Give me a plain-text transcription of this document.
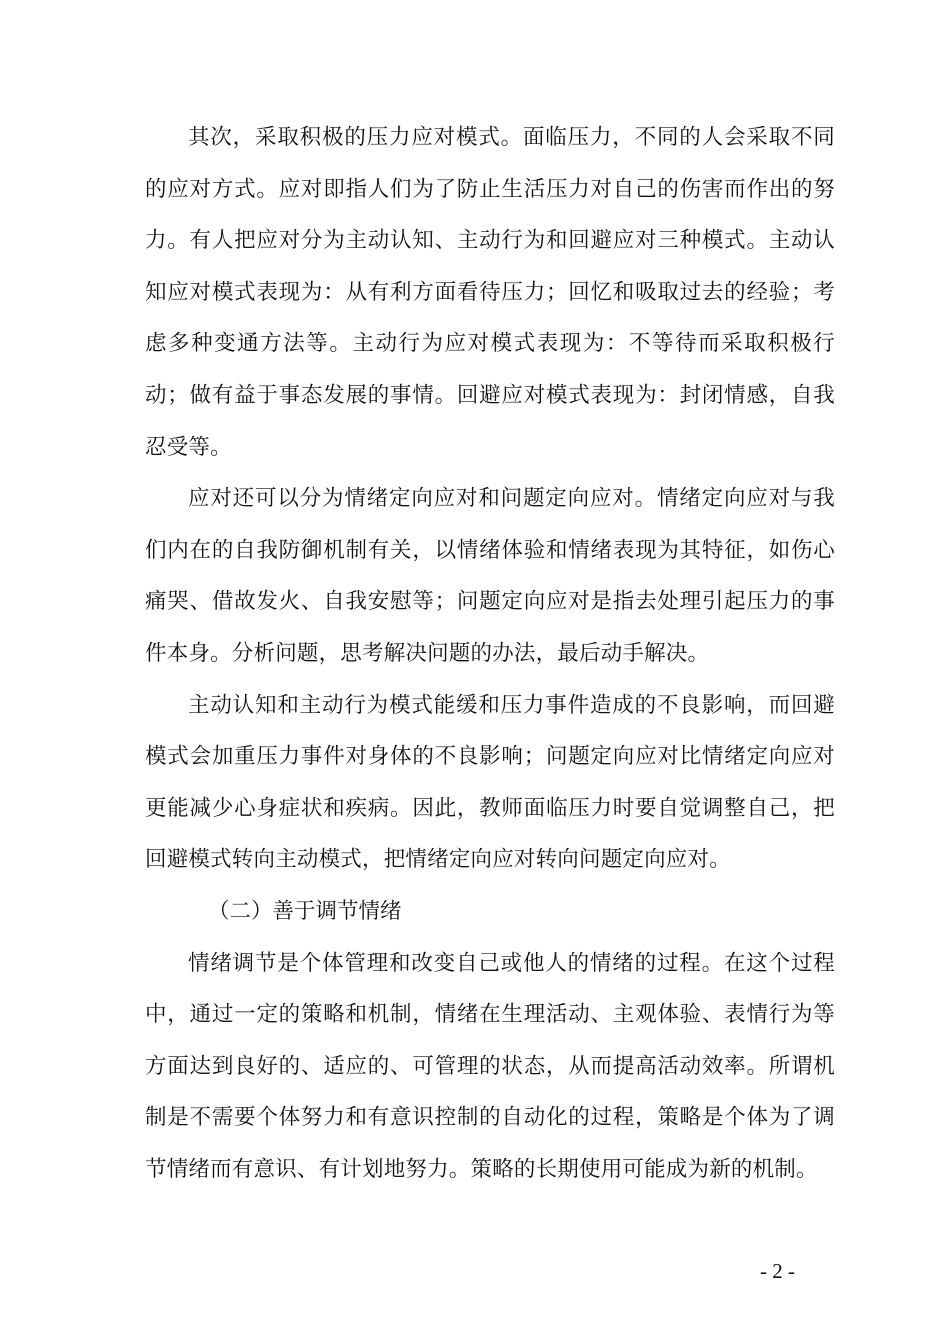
其次，采取积极的压力应对模式。面临压力，不同的人会采取不同的应对方式。应对即指人们为了防止生活压力对自己的伤害而作出的努力。有人把应对分为主动认知、主动行为和回避应对三种模式。主动认知应对模式表现为：从有利方面看待压力；回忆和吸取过去的经验；考虑多种变通方法等。主动行为应对模式表现为：不等待而采取积极行动；做有益于事态发展的事情。回避应对模式表现为：封闭情感，自我忍受等。

应对还可以分为情绪定向应对和问题定向应对。情绪定向应对与我们内在的自我防御机制有关，以情绪体验和情绪表现为其特征，如伤心痛哭、借故发火、自我安慰等；问题定向应对是指去处理引起压力的事件本身。分析问题，思考解决问题的办法，最后动手解决。

主动认知和主动行为模式能缓和压力事件造成的不良影响，而回避模式会加重压力事件对身体的不良影响；问题定向应对比情绪定向应对更能减少心身症状和疾病。因此，教师面临压力时要自觉调整自己，把回避模式转向主动模式，把情绪定向应对转向问题定向应对。

（二）善于调节情绪

情绪调节是个体管理和改变自己或他人的情绪的过程。在这个过程中，通过一定的策略和机制，情绪在生理活动、主观体验、表情行为等方面达到良好的、适应的、可管理的状态，从而提高活动效率。所谓机制是不需要个体努力和有意识控制的自动化的过程，策略是个体为了调节情绪而有意识、有计划地努力。策略的长期使用可能成为新的机制。

- 2 -
